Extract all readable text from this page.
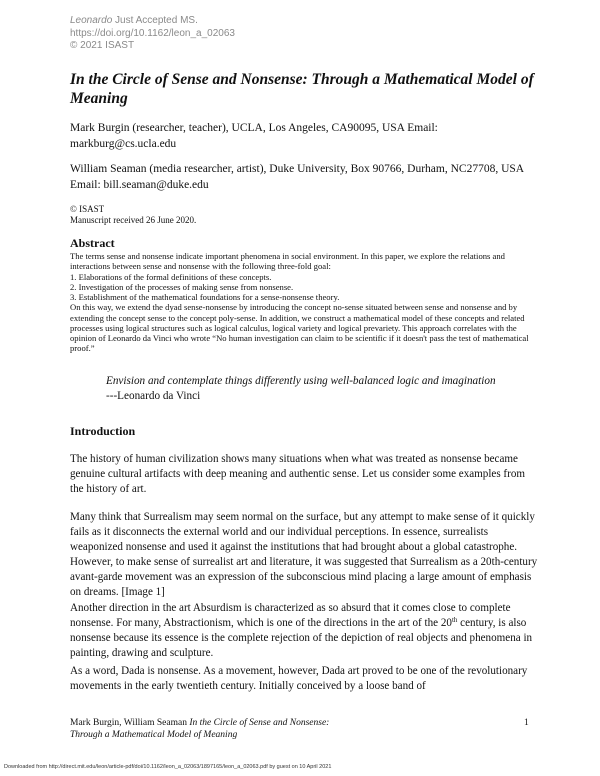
Leonardo Just Accepted MS.
https://doi.org/10.1162/leon_a_02063
© 2021 ISAST
In the Circle of Sense and Nonsense: Through a Mathematical Model of Meaning
Mark Burgin (researcher, teacher), UCLA, Los Angeles, CA90095, USA Email: markburg@cs.ucla.edu
William Seaman (media researcher, artist), Duke University, Box 90766, Durham, NC27708, USA Email: bill.seaman@duke.edu
© ISAST
Manuscript received 26 June 2020.
Abstract

The terms sense and nonsense indicate important phenomena in social environment. In this paper, we explore the relations and interactions between sense and nonsense with the following three-fold goal:

1. Elaborations of the formal definitions of these concepts.

2. Investigation of the processes of making sense from nonsense.

3. Establishment of the mathematical foundations for a sense-nonsense theory.

On this way, we extend the dyad sense-nonsense by introducing the concept no-sense situated between sense and nonsense and by extending the concept sense to the concept poly-sense. In addition, we construct a mathematical model of these concepts and related processes using logical structures such as logical calculus, logical variety and logical prevariety. This approach correlates with the opinion of Leonardo da Vinci who wrote “No human investigation can claim to be scientific if it doesn't pass the test of mathematical proof.”

Envision and contemplate things differently using well-balanced logic and imagination
---Leonardo da Vinci
Introduction

The history of human civilization shows many situations when what was treated as nonsense became genuine cultural artifacts with deep meaning and authentic sense. Let us consider some examples from the history of art.

Many think that Surrealism may seem normal on the surface, but any attempt to make sense of it quickly fails as it disconnects the external world and our individual perceptions. In essence, surrealists weaponized nonsense and used it against the institutions that had brought about a global catastrophe. However, to make sense of surrealist art and literature, it was suggested that Surrealism as a 20th-century avant-garde movement was an expression of the subconscious mind placing a large amount of emphasis on dreams. [Image 1]

Another direction in the art Absurdism is characterized as so absurd that it comes close to complete nonsense. For many, Abstractionism, which is one of the directions in the art of the 20th century, is also nonsense because its essence is the complete rejection of the depiction of real objects and phenomena in painting, drawing and sculpture.

As a word, Dada is nonsense. As a movement, however, Dada art proved to be one of the revolutionary movements in the early twentieth century. Initially conceived by a loose band of

Mark Burgin, William Seaman In the Circle of Sense and Nonsense:
Through a Mathematical Model of Meaning
1
Downloaded from http://direct.mit.edu/leon/article-pdf/doi/10.1162/leon_a_02063/1897165/leon_a_02063.pdf by guest on 10 April 2021
